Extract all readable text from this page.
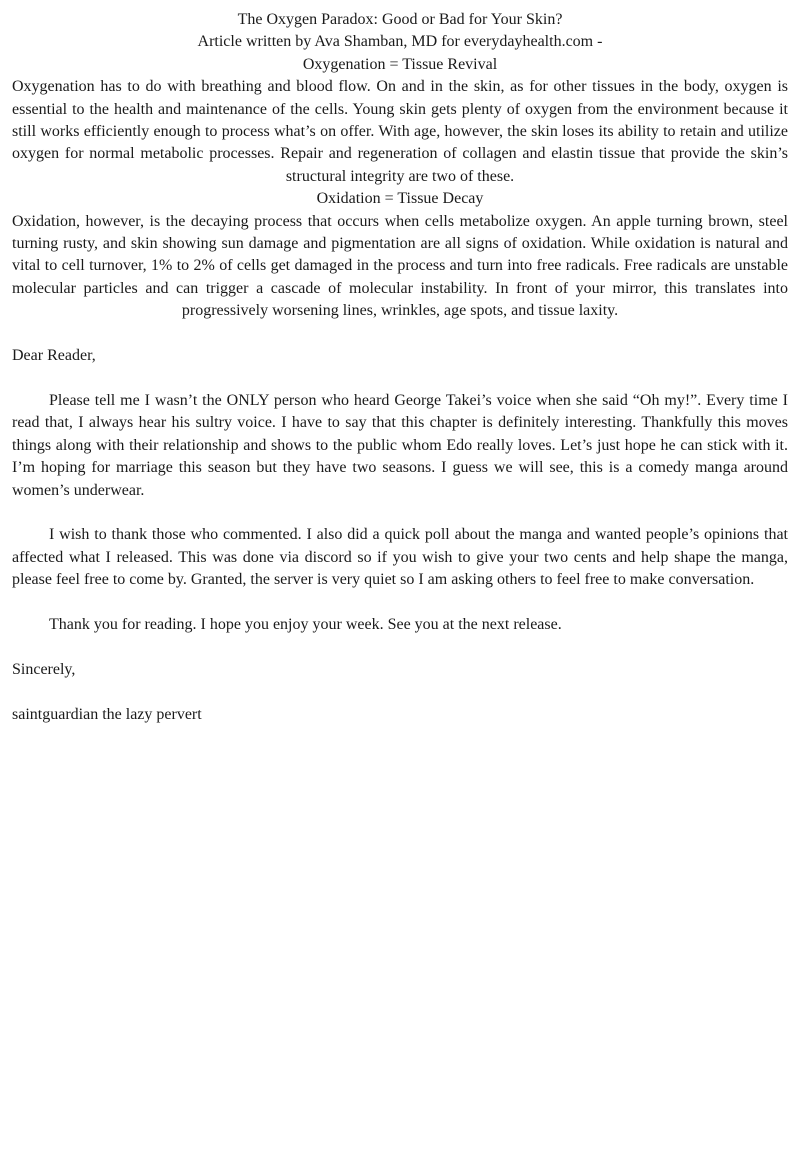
The Oxygen Paradox: Good or Bad for Your Skin?

Article written by Ava Shamban, MD for everydayhealth.com -

Oxygenation = Tissue Revival

Oxygenation has to do with breathing and blood flow. On and in the skin, as for other tissues in the body, oxygen is essential to the health and maintenance of the cells. Young skin gets plenty of oxygen from the environment because it still works efficiently enough to process what’s on offer. With age, however, the skin loses its ability to retain and utilize oxygen for normal metabolic processes. Repair and regeneration of collagen and elastin tissue that provide the skin’s structural integrity are two of these.

Oxidation = Tissue Decay

Oxidation, however, is the decaying process that occurs when cells metabolize oxygen. An apple turning brown, steel turning rusty, and skin showing sun damage and pigmentation are all signs of oxidation. While oxidation is natural and vital to cell turnover, 1% to 2% of cells get damaged in the process and turn into free radicals. Free radicals are unstable molecular particles and can trigger a cascade of molecular instability. In front of your mirror, this translates into progressively worsening lines, wrinkles, age spots, and tissue laxity.

Dear Reader,

Please tell me I wasn’t the ONLY person who heard George Takei’s voice when she said “Oh my!”. Every time I read that, I always hear his sultry voice. I have to say that this chapter is definitely interesting. Thankfully this moves things along with their relationship and shows to the public whom Edo really loves. Let’s just hope he can stick with it. I’m hoping for marriage this season but they have two seasons. I guess we will see, this is a comedy manga around women’s underwear.

I wish to thank those who commented. I also did a quick poll about the manga and wanted people’s opinions that affected what I released. This was done via discord so if you wish to give your two cents and help shape the manga, please feel free to come by. Granted, the server is very quiet so I am asking others to feel free to make conversation.

Thank you for reading. I hope you enjoy your week. See you at the next release.

Sincerely,

saintguardian the lazy pervert
